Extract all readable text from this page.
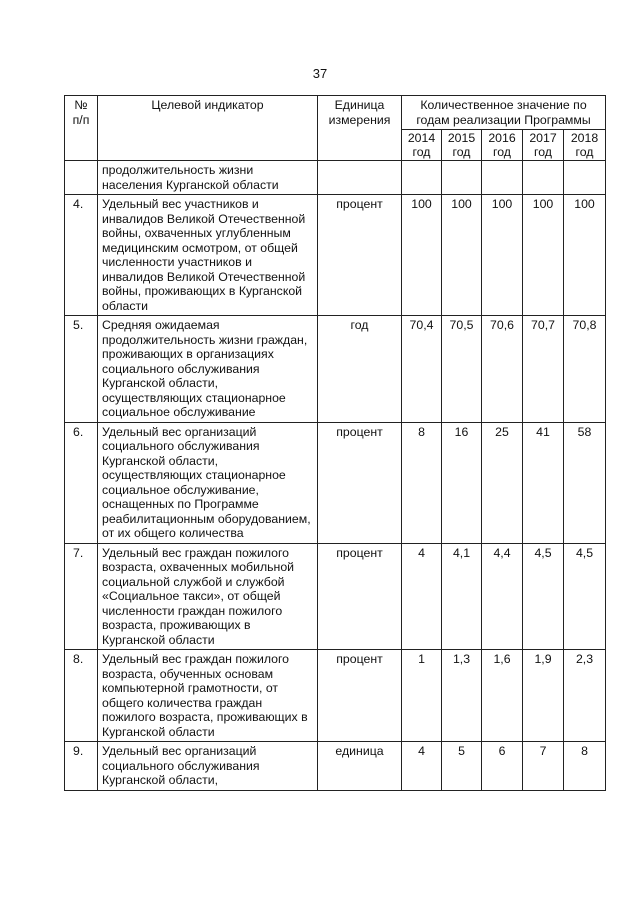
37
№ п/п	Целевой индикатор	Единица измерения	Количественное значение по годам реализации Программы				
			2014 год	2015 год	2016 год	2017 год	2018 год
	продолжительность жизни населения Курганской области						
4.	Удельный вес участников и инвалидов Великой Отечественной войны, охваченных углубленным медицинским осмотром, от общей численности участников и инвалидов Великой Отечественной войны, проживающих в Курганской области	процент	100	100	100	100	100
5.	Средняя ожидаемая продолжительность жизни граждан, проживающих в организациях социального обслуживания Курганской области, осуществляющих стационарное социальное обслуживание	год	70,4	70,5	70,6	70,7	70,8
6.	Удельный вес организаций социального обслуживания Курганской области, осуществляющих стационарное социальное обслуживание, оснащенных по Программе реабилитационным оборудованием, от их общего количества	процент	8	16	25	41	58
7.	Удельный вес граждан пожилого возраста, охваченных мобильной социальной службой и службой «Социальное такси», от общей численности граждан пожилого возраста, проживающих в Курганской области	процент	4	4,1	4,4	4,5	4,5
8.	Удельный вес граждан пожилого возраста, обученных основам компьютерной грамотности, от общего количества граждан пожилого возраста, проживающих в Курганской области	процент	1	1,3	1,6	1,9	2,3
9.	Удельный вес организаций социального обслуживания Курганской области,	единица	4	5	6	7	8
